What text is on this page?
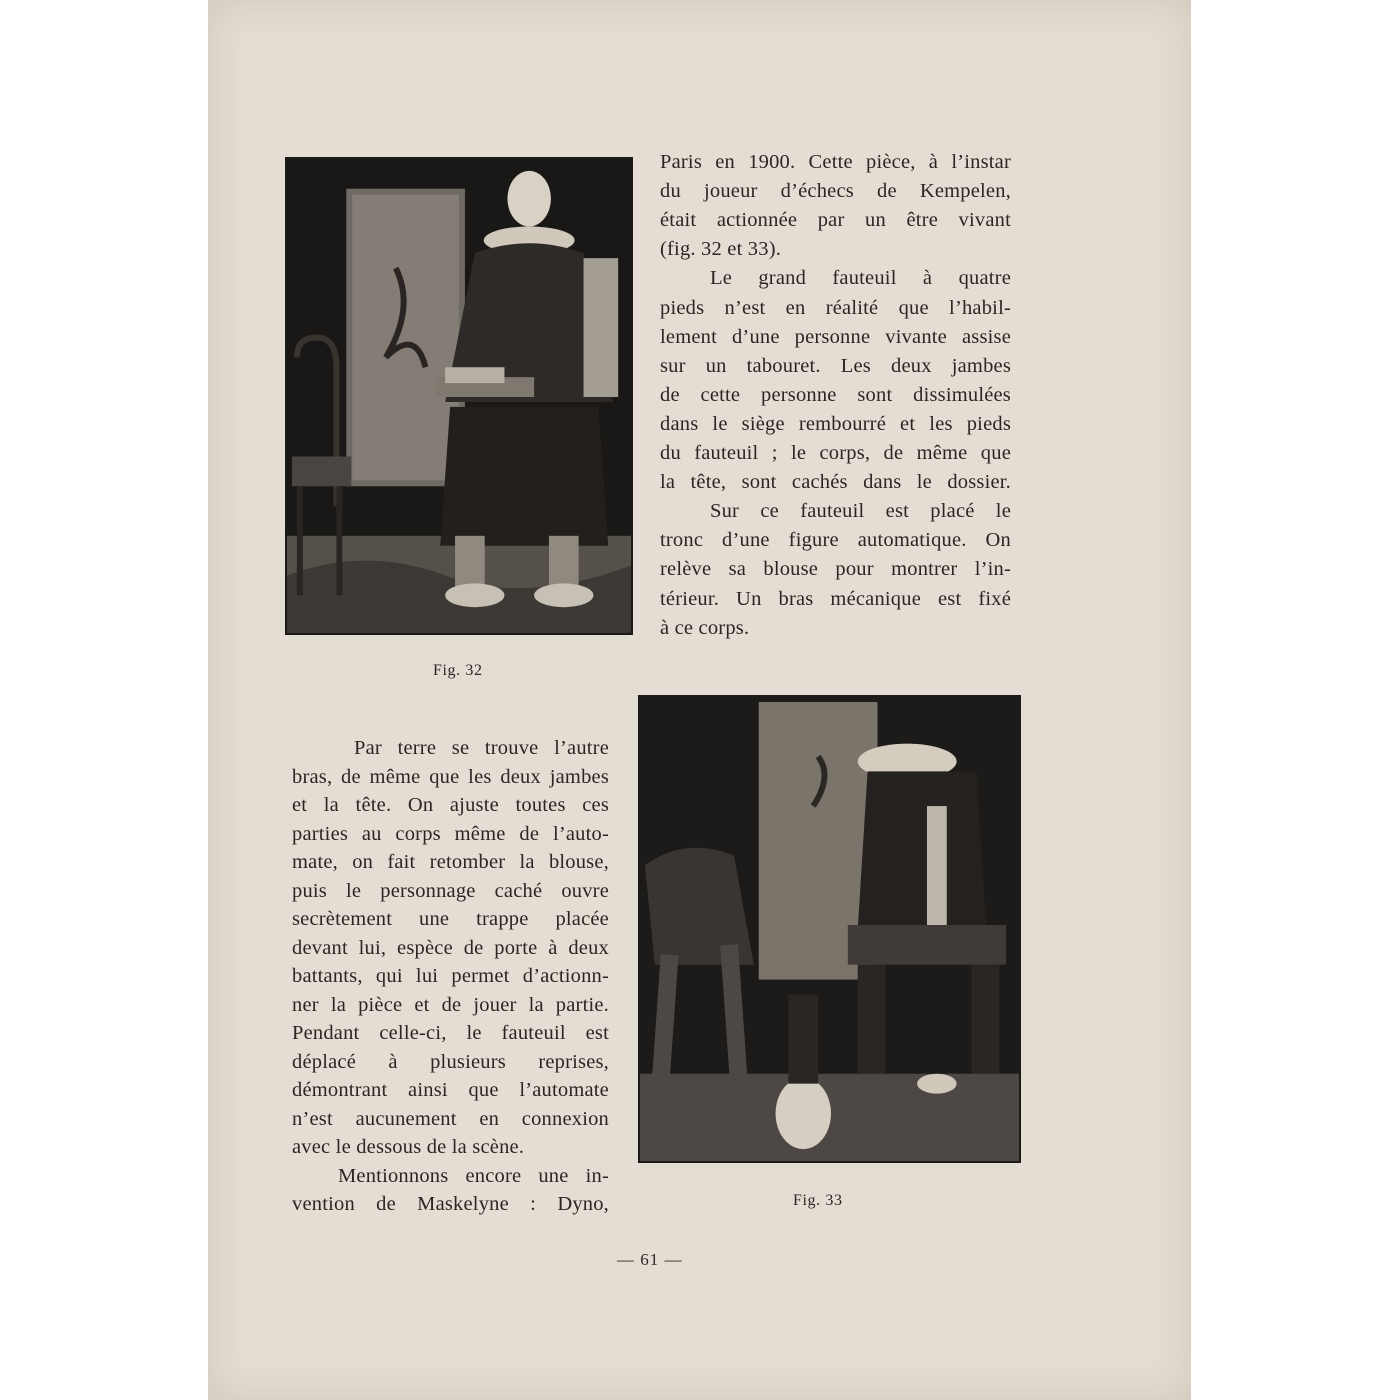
Fig. 32
Paris en 1900. Cette pièce, à l’instar
du joueur d’échecs de Kempelen,
était actionnée par un être vivant
(fig. 32 et 33).
Le grand fauteuil à quatre
pieds n’est en réalité que l’habil-
lement d’une personne vivante assise
sur un tabouret. Les deux jambes
de cette personne sont dissimulées
dans le siège rembourré et les pieds
du fauteuil ; le corps, de même que
la tête, sont cachés dans le dossier.
Sur ce fauteuil est placé le
tronc d’une figure automatique. On
relève sa blouse pour montrer l’in-
térieur. Un bras mécanique est fixé
à ce corps.
Fig. 33
Par terre se trouve l’autre
bras, de même que les deux jambes
et la tête. On ajuste toutes ces
parties au corps même de l’auto-
mate, on fait retomber la blouse,
puis le personnage caché ouvre
secrètement une trappe placée
devant lui, espèce de porte à deux
battants, qui lui permet d’actionn-
ner la pièce et de jouer la partie.
Pendant celle-ci, le fauteuil est
déplacé à plusieurs reprises,
démontrant ainsi que l’automate
n’est aucunement en connexion
avec le dessous de la scène.
Mentionnons encore une in-
vention de Maskelyne : Dyno,
— 61 —
